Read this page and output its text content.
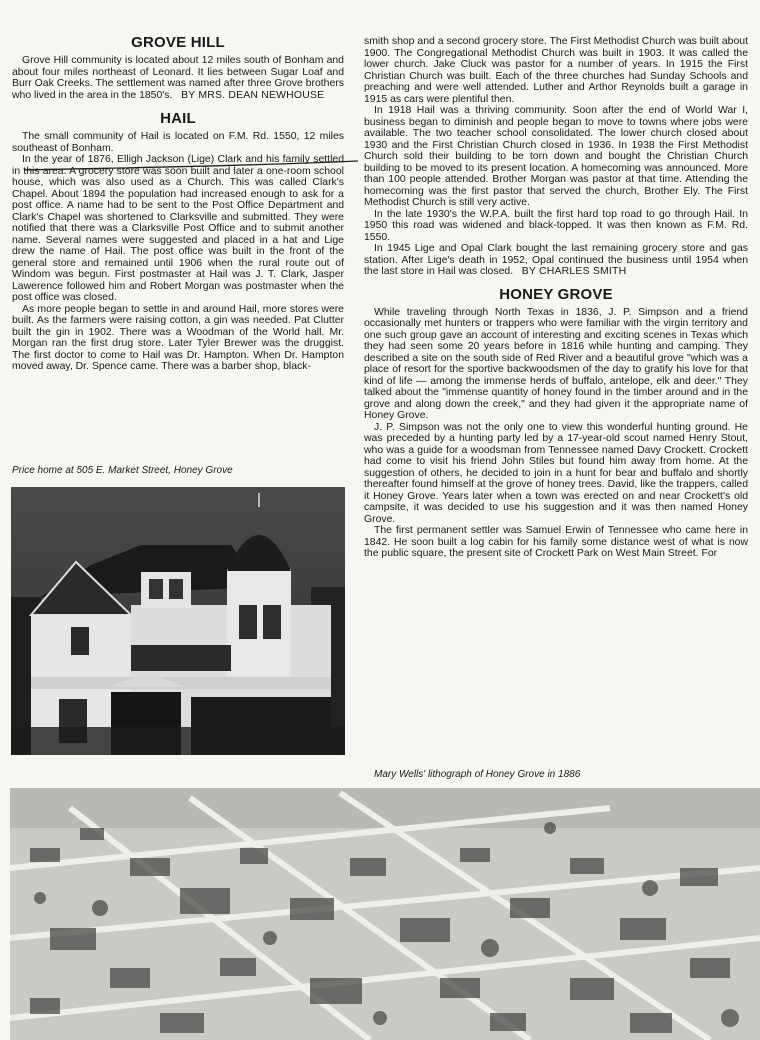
GROVE HILL

Grove Hill community is located about 12 miles south of Bonham and about four miles northeast of Leonard. It lies between Sugar Loaf and Burr Oak Creeks. The settlement was named after three Grove brothers who lived in the area in the 1850's. BY MRS. DEAN NEWHOUSE

HAIL

The small community of Hail is located on F.M. Rd. 1550, 12 miles southeast of Bonham.

In the year of 1876, Elligh Jackson (Lige) Clark and his family settled in this area. A grocery store was soon built and later a one-room school house, which was also used as a Church. This was called Clark's Chapel. About 1894 the population had increased enough to ask for a post office. A name had to be sent to the Post Office Department and Clark's Chapel was shortened to Clarksville and submitted. They were notified that there was a Clarksville Post Office and to submit another name. Several names were suggested and placed in a hat and Lige drew the name of Hail. The post office was built in the front of the general store and remained until 1906 when the rural route out of Windom was begun. First postmaster at Hail was J. T. Clark, Jasper Lawerence followed him and Robert Morgan was postmaster when the post office was closed.

As more people began to settle in and around Hail, more stores were built. As the farmers were raising cotton, a gin was needed. Pat Clutter built the gin in 1902. There was a Woodman of the World hall. Mr. Morgan ran the first drug store. Later Tyler Brewer was the druggist. The first doctor to come to Hail was Dr. Hampton. When Dr. Hampton moved away, Dr. Spence came. There was a barber shop, black-

Price home at 505 E. Market Street, Honey Grove

smith shop and a second grocery store. The First Methodist Church was built about 1900. The Congregational Methodist Church was built in 1903. It was called the lower church. Jake Cluck was pastor for a number of years. In 1915 the First Christian Church was built. Each of the three churches had Sunday Schools and preaching and were well attended. Luther and Arthor Reynolds built a garage in 1915 as cars were plentiful then.

In 1918 Hail was a thriving community. Soon after the end of World War I, business began to diminish and people began to move to towns where jobs were available. The two teacher school consolidated. The lower church closed about 1930 and the First Christian Church closed in 1936. In 1938 the First Methodist Church sold their building to be torn down and bought the Christian Church building to be moved to its present location. A homecoming was announced. More than 100 people attended. Brother Morgan was pastor at that time. Attending the homecoming was the first pastor that served the church, Brother Ely. The First Methodist Church is still very active.

In the late 1930's the W.P.A. built the first hard top road to go through Hail. In 1950 this road was widened and black-topped. It was then known as F.M. Rd. 1550.

In 1945 Lige and Opal Clark bought the last remaining grocery store and gas station. After Lige's death in 1952, Opal continued the business until 1954 when the last store in Hail was closed. BY CHARLES SMITH

HONEY GROVE

While traveling through North Texas in 1836, J. P. Simpson and a friend occasionally met hunters or trappers who were familiar with the virgin territory and one such group gave an account of interesting and exciting scenes in Texas which they had seen some 20 years before in 1816 while hunting and camping. They described a site on the south side of Red River and a beautiful grove "which was a place of resort for the sportive backwoodsmen of the day to gratify his love for that kind of life — among the immense herds of buffalo, antelope, elk and deer." They talked about the "immense quantity of honey found in the timber around and in the grove and along down the creek," and they had given it the appropriate name of Honey Grove.

J. P. Simpson was not the only one to view this wonderful hunting ground. He was preceded by a hunting party led by a 17-year-old scout named Henry Stout, who was a guide for a woodsman from Tennessee named Davy Crockett. Crockett had come to visit his friend John Stiles but found him away from home. At the suggestion of others, he decided to join in a hunt for bear and buffalo and shortly thereafter found himself at the grove of honey trees. David, like the trappers, called it Honey Grove. Years later when a town was erected on and near Crockett's old campsite, it was decided to use his suggestion and it was then named Honey Grove.

The first permanent settler was Samuel Erwin of Tennessee who came here in 1842. He soon built a log cabin for his family some distance west of what is now the public square, the present site of Crockett Park on West Main Street. For

Mary Wells' lithograph of Honey Grove in 1886
